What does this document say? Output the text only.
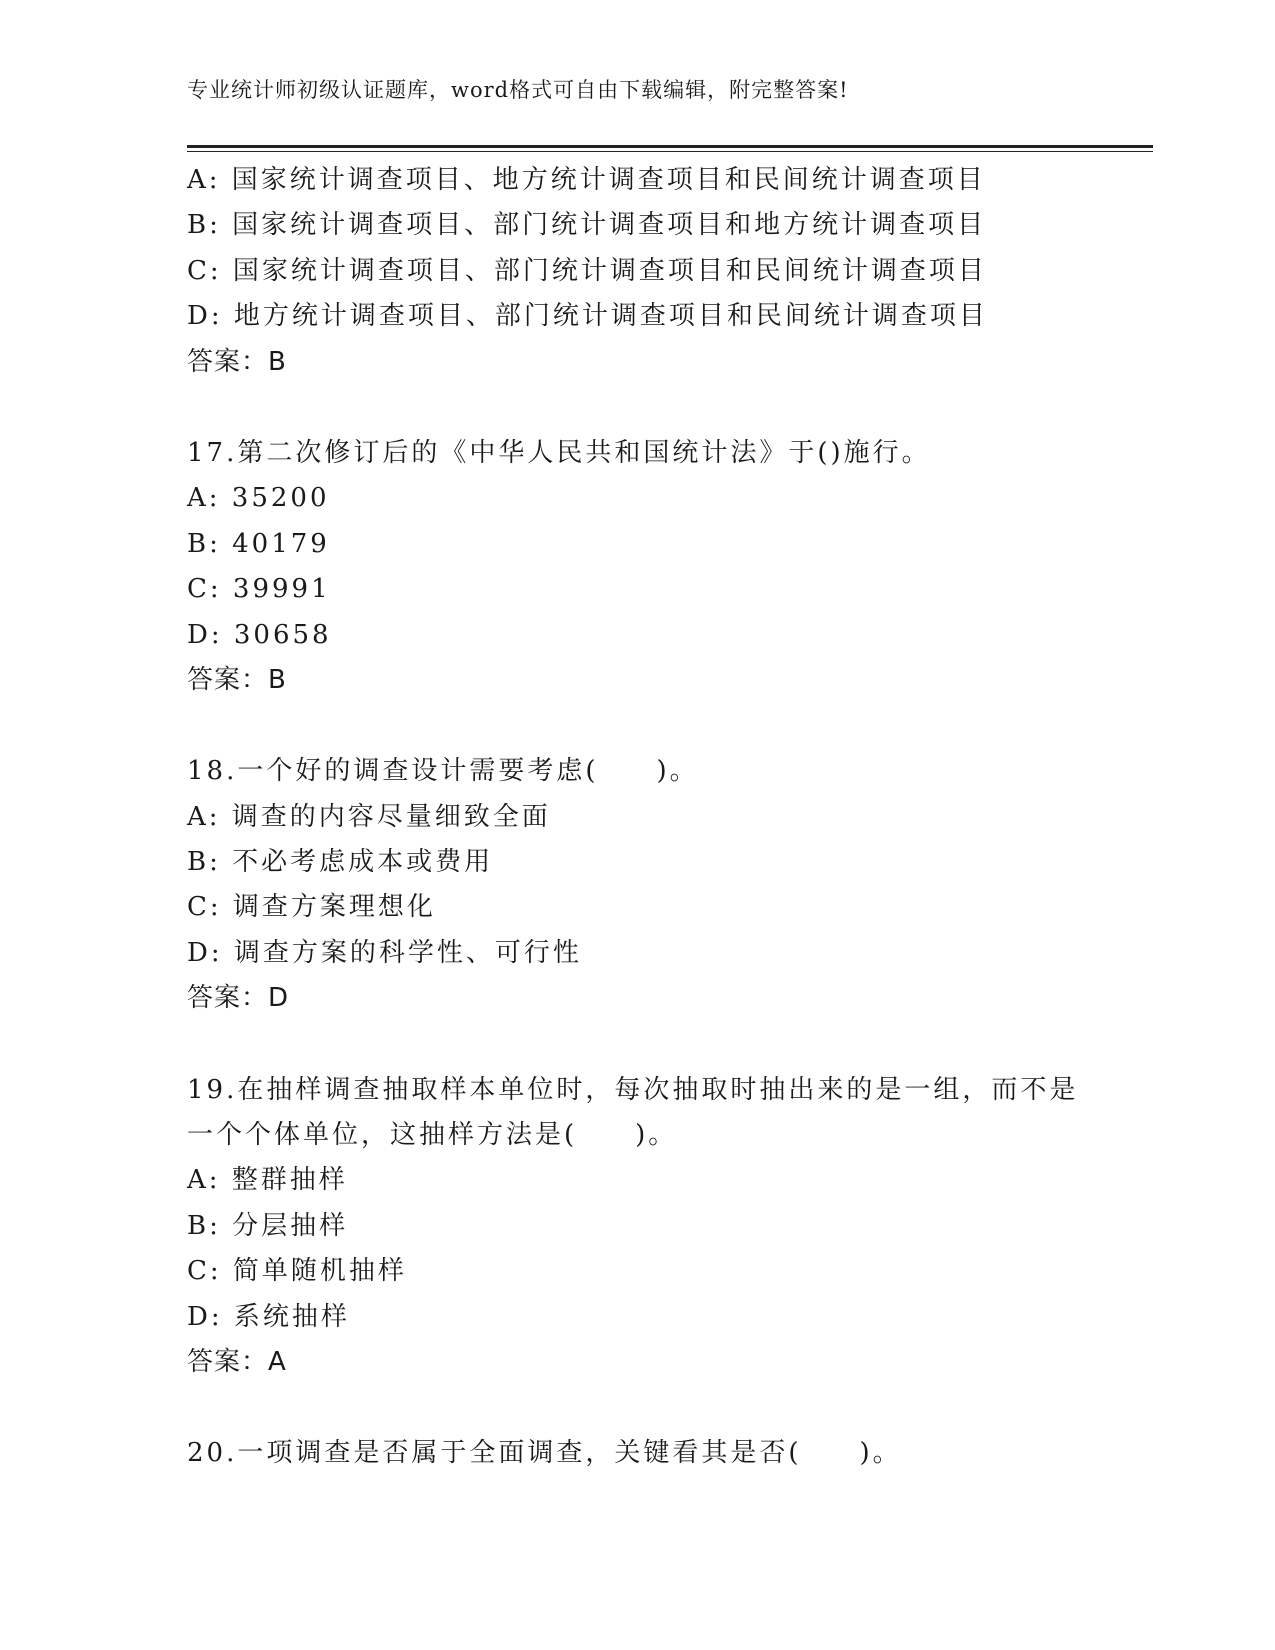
专业统计师初级认证题库，word格式可自由下载编辑，附完整答案!
A: 国家统计调查项目、地方统计调查项目和民间统计调查项目
B: 国家统计调查项目、部门统计调查项目和地方统计调查项目
C: 国家统计调查项目、部门统计调查项目和民间统计调查项目
D: 地方统计调查项目、部门统计调查项目和民间统计调查项目
答案：B
17.第二次修订后的《中华人民共和国统计法》于()施行。
A: 35200
B: 40179
C: 39991
D: 30658
答案：B
18.一个好的调查设计需要考虑(　　)。
A: 调查的内容尽量细致全面
B: 不必考虑成本或费用
C: 调查方案理想化
D: 调查方案的科学性、可行性
答案：D
19.在抽样调查抽取样本单位时，每次抽取时抽出来的是一组，而不是
一个个体单位，这抽样方法是(　　)。
A: 整群抽样
B: 分层抽样
C: 简单随机抽样
D: 系统抽样
答案：A
20.一项调查是否属于全面调查，关键看其是否(　　)。
